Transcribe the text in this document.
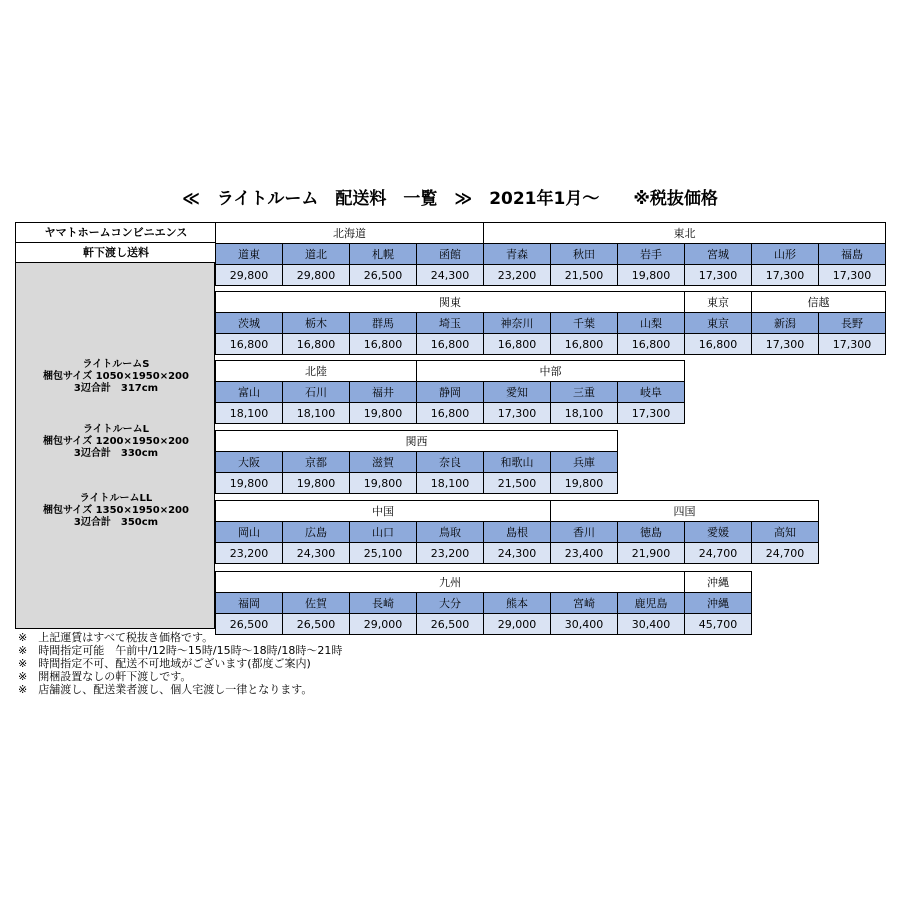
≪　ライトルーム　配送料　一覧　≫　2021年1月～　　※税抜価格
ヤマトホームコンビニエンス
軒下渡し送料
ライトルームS
梱包サイズ 1050×1950×200
3辺合計　317cm
ライトルームL
梱包サイズ 1200×1950×200
3辺合計　330cm
ライトルームLL
梱包サイズ 1350×1950×200
3辺合計　350cm
北海道	東北
道東	道北	札幌	函館	青森	秋田	岩手	宮城	山形	福島
29,800	29,800	26,500	24,300	23,200	21,500	19,800	17,300	17,300	17,300
関東	東京	信越
茨城	栃木	群馬	埼玉	神奈川	千葉	山梨	東京	新潟	長野
16,800	16,800	16,800	16,800	16,800	16,800	16,800	16,800	17,300	17,300
北陸	中部
富山	石川	福井	静岡	愛知	三重	岐阜
18,100	18,100	19,800	16,800	17,300	18,100	17,300
関西
大阪	京都	滋賀	奈良	和歌山	兵庫
19,800	19,800	19,800	18,100	21,500	19,800
中国	四国
岡山	広島	山口	鳥取	島根	香川	徳島	愛媛	高知
23,200	24,300	25,100	23,200	24,300	23,400	21,900	24,700	24,700
九州	沖縄
福岡	佐賀	長崎	大分	熊本	宮崎	鹿児島	沖縄
26,500	26,500	29,000	26,500	29,000	30,400	30,400	45,700
※　上記運賃はすべて税抜き価格です。
※　時間指定可能　午前中/12時～15時/15時～18時/18時～21時
※　時間指定不可、配送不可地域がございます(都度ご案内)
※　開梱設置なしの軒下渡しです。
※　店舗渡し、配送業者渡し、個人宅渡し一律となります。
